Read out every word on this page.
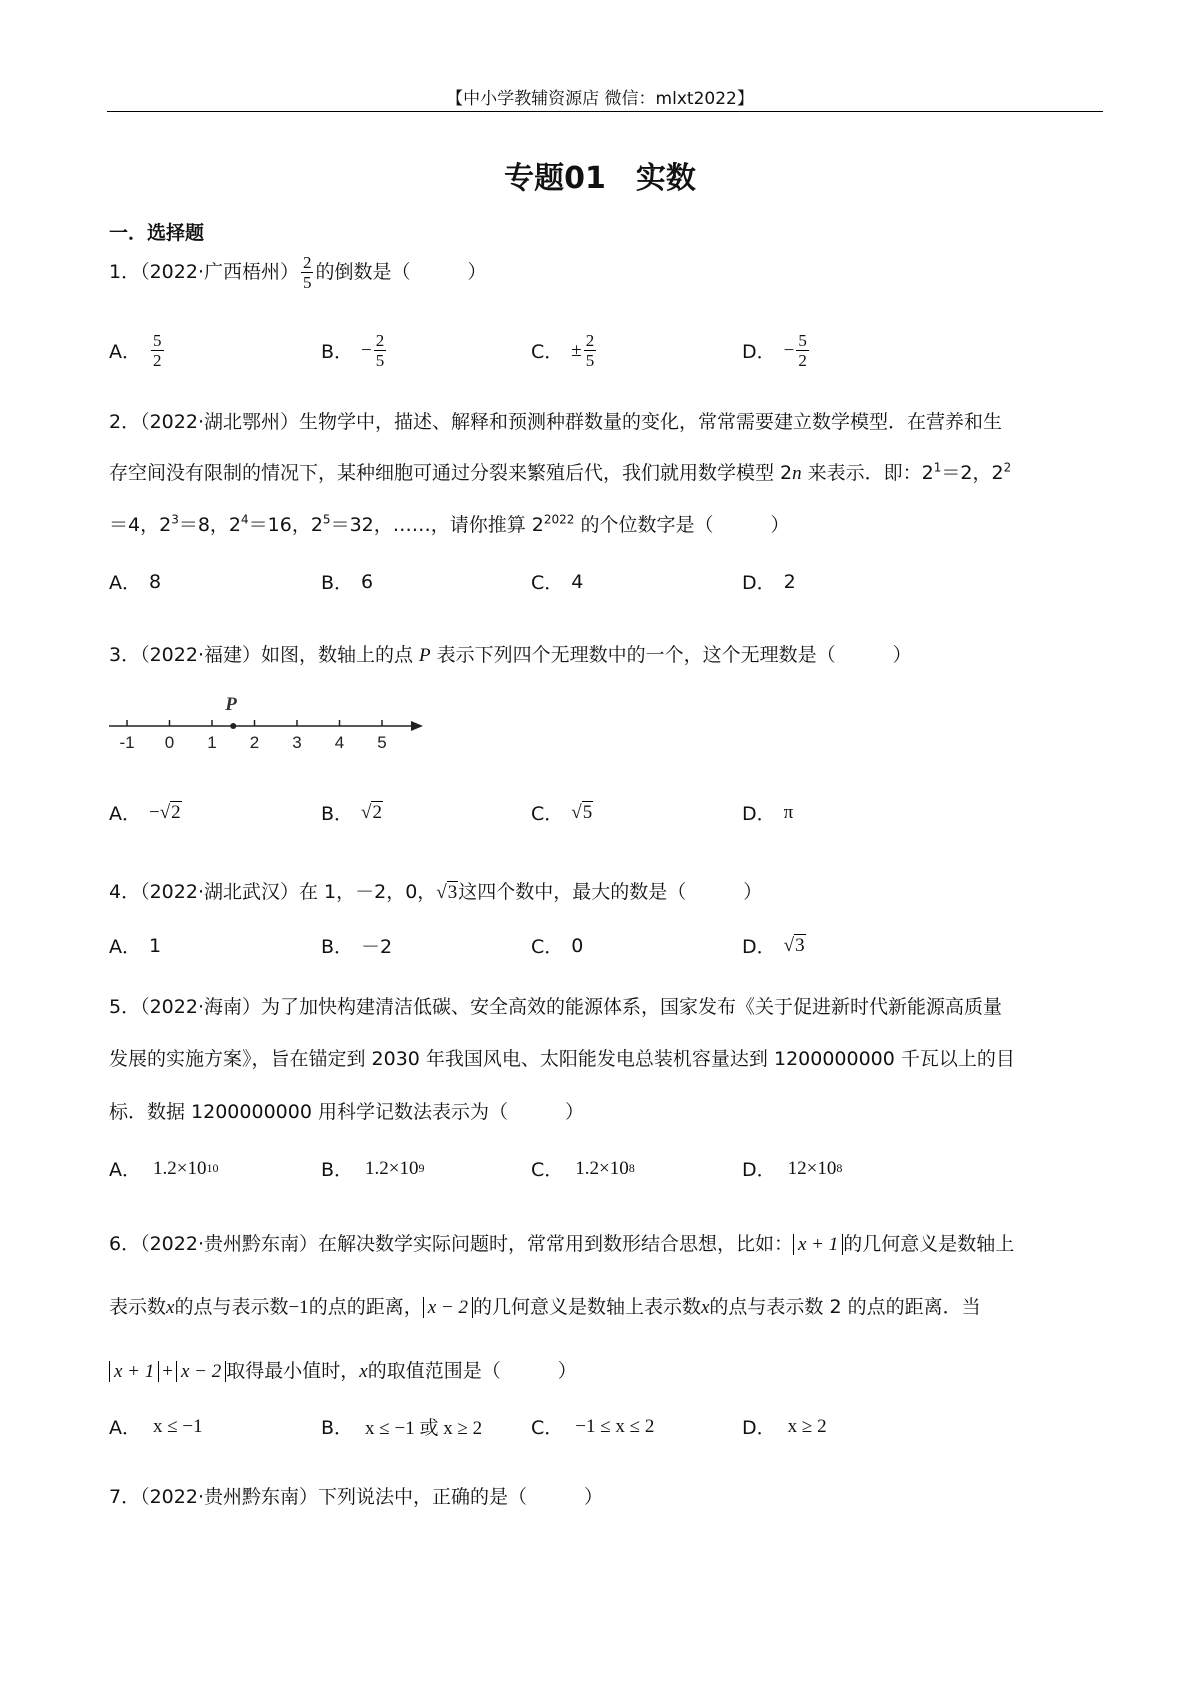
【中小学教辅资源店 微信：mlxt2022】
专题01　实数
一．选择题
1．（2022·广西梧州） $\frac{2}{5}$ 的倒数是（　　　）
A． $\frac{5}{2}$	B． − $\frac{2}{5}$	C． ± $\frac{2}{5}$	D． − $\frac{5}{2}$
2．（2022·湖北鄂州）生物学中，描述、解释和预测种群数量的变化，常常需要建立数学模型．在营养和生
存空间没有限制的情况下，某种细胞可通过分裂来繁殖后代，我们就用数学模型 2n 来表示．即：$2^1=2$，$2^2$
＝4，$2^3=8$，$2^4=16$，$2^5=32$，……，请你推算 $2^{2022}$ 的个位数字是（　　　）
A． 8	B． 6	C． 4	D． 2
3．（2022·福建）如图，数轴上的点 P 表示下列四个无理数中的一个，这个无理数是（　　　）
-1 0 1 2 3 4 5
P
A． − √2	B． √2	C． √5	D． π
4．（2022·湖北武汉）在 1，－2，0，√3这四个数中，最大的数是（　　　）
A． 1	B． －2	C． 0	D． √3
5．（2022·海南）为了加快构建清洁低碳、安全高效的能源体系，国家发布《关于促进新时代新能源高质量
发展的实施方案》，旨在锚定到 2030 年我国风电、太阳能发电总装机容量达到 1200000000 千瓦以上的目
标．数据 1200000000 用科学记数法表示为（　　　）
A． 1.2×10 10	B． 1.2×10 9	C． 1.2×10 8	D． 12×10 8
6．（2022·贵州黔东南）在解决数学实际问题时，常常用到数形结合思想，比如： x + 1 的几何意义是数轴上
表示数x的点与表示数−1的点的距离， x − 2 的几何意义是数轴上表示数x的点与表示数 2 的点的距离．当
x + 1 + x − 2 取得最小值时，x的取值范围是（　　　）
A． x ≤ −1	B． x ≤ −1 或 x ≥ 2	C． −1 ≤ x ≤ 2	D． x ≥ 2
7．（2022·贵州黔东南）下列说法中，正确的是（　　　）
